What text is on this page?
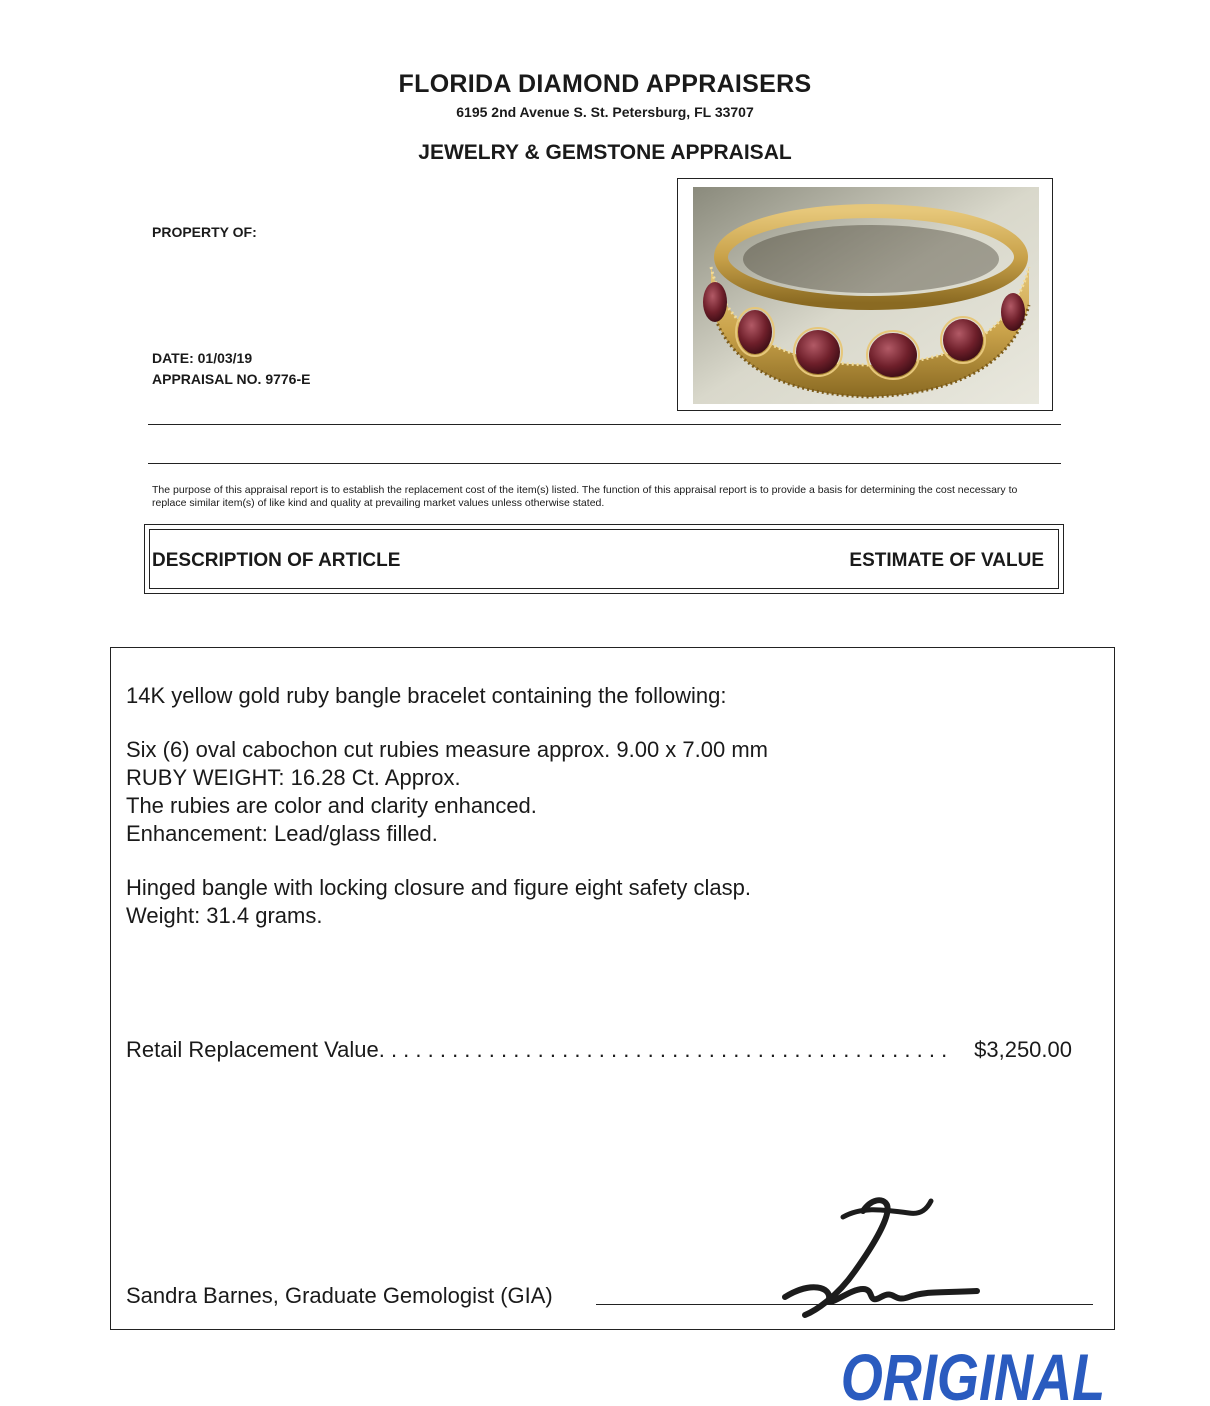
FLORIDA DIAMOND APPRAISERS
6195 2nd Avenue S. St. Petersburg, FL 33707
JEWELRY & GEMSTONE APPRAISAL
PROPERTY OF:
DATE: 01/03/19
APPRAISAL NO. 9776-E
The purpose of this appraisal report is to establish the replacement cost of the item(s) listed. The function of this appraisal report is to provide a basis for determining the cost necessary to replace similar item(s) of like kind and quality at prevailing market values unless otherwise stated.
DESCRIPTION OF ARTICLE	ESTIMATE OF VALUE
14K yellow gold ruby bangle bracelet containing the following:
Six (6) oval cabochon cut rubies measure approx. 9.00 x 7.00 mm
RUBY WEIGHT: 16.28 Ct. Approx.
The rubies are color and clarity enhanced.
Enhancement: Lead/glass filled.
Hinged bangle with locking closure and figure eight safety clasp.
Weight: 31.4 grams.
Retail Replacement Value. . . . . . . . . . . . . . . . . . . . . . . . . . . . . . . . . . . . . . . . . . . . . . . $3,250.00
Sandra Barnes, Graduate Gemologist (GIA)
ORIGINAL
